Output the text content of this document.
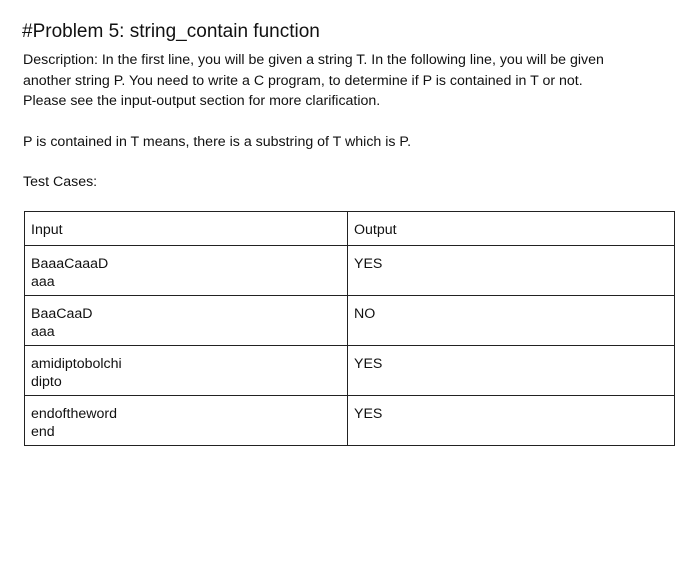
#Problem 5: string_contain function

Description: In the first line, you will be given a string T. In the following line, you will be given
another string P. You need to write a C program, to determine if P is contained in T or not.
Please see the input-output section for more clarification.

P is contained in T means, there is a substring of T which is P.

Test Cases:

Input	Output

BaaaCaaaD
aaa	YES

BaaCaaD
aaa	NO

amidiptobolchi
dipto	YES

endoftheword
end	YES
